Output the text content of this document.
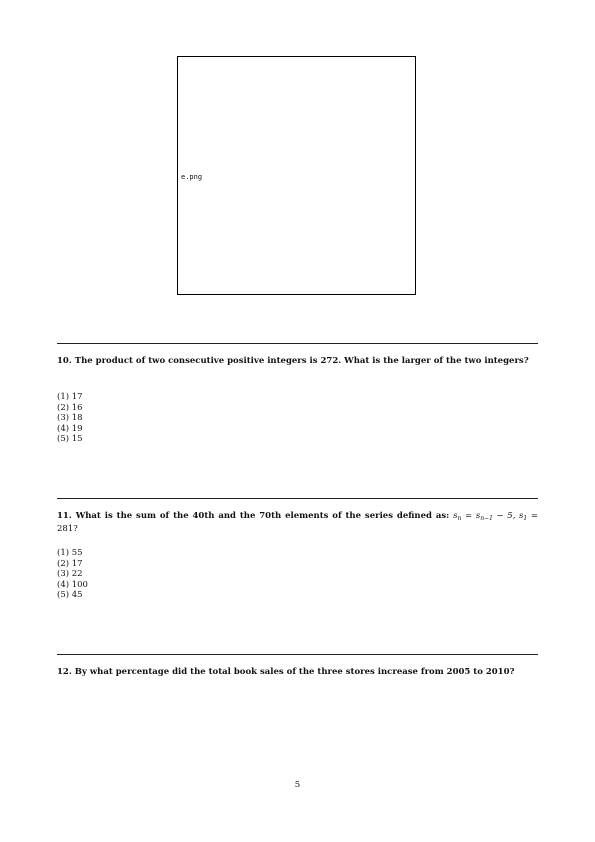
e.png
10. The product of two consecutive positive integers is 272. What is the larger of the two integers?
(1) 17
(2) 16
(3) 18
(4) 19
(5) 15
11. What is the sum of the 40th and the 70th elements of the series defined as: $s_n = s_{n-1} - 5$, $s_1 = 281$?
(1) 55
(2) 17
(3) 22
(4) 100
(5) 45
12. By what percentage did the total book sales of the three stores increase from 2005 to 2010?
5
